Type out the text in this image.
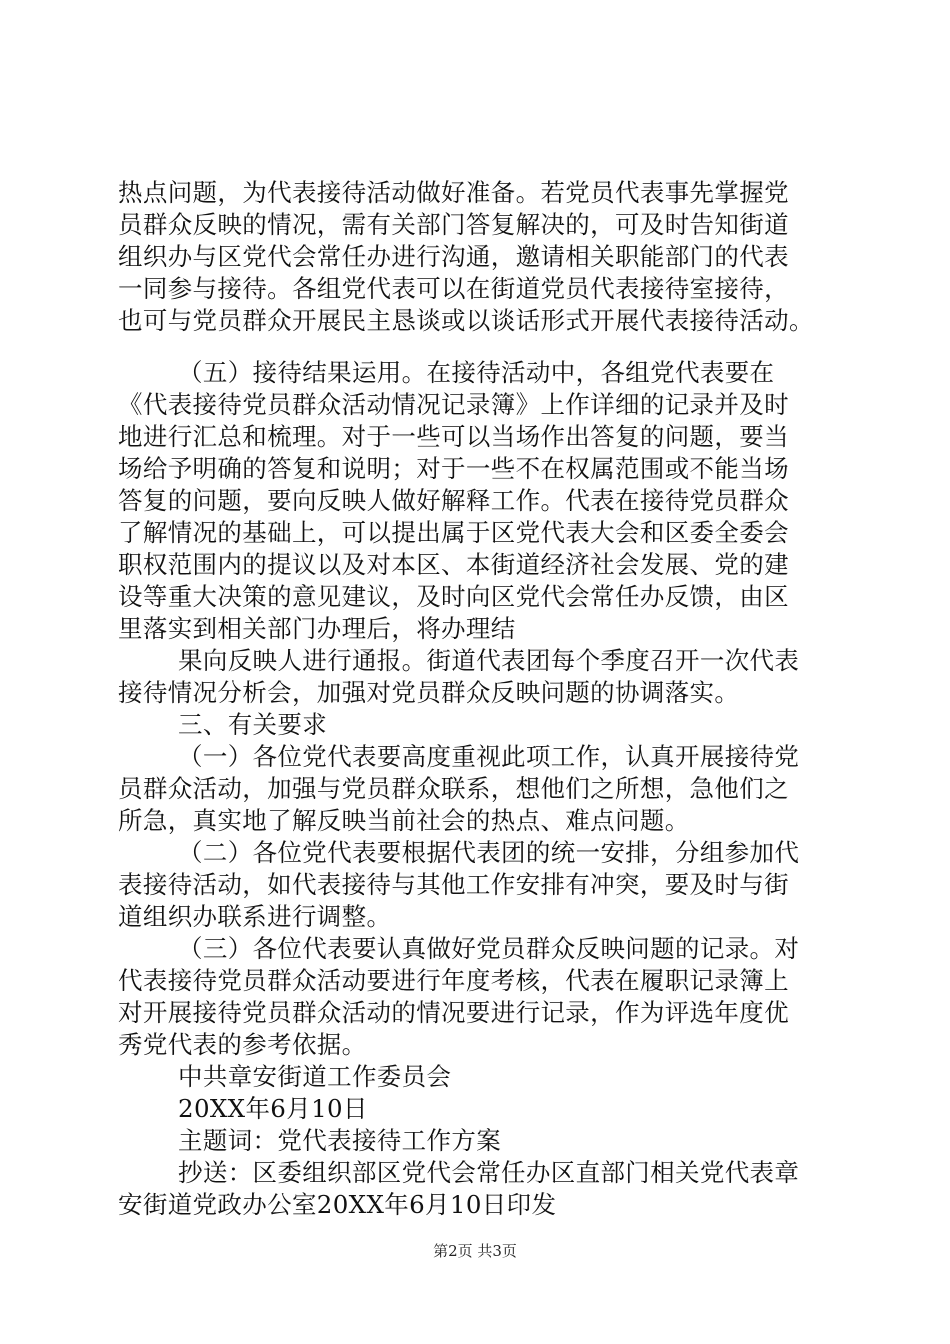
热点问题，为代表接待活动做好准备。若党员代表事先掌握党
员群众反映的情况，需有关部门答复解决的，可及时告知街道
组织办与区党代会常任办进行沟通，邀请相关职能部门的代表
一同参与接待。各组党代表可以在街道党员代表接待室接待，
也可与党员群众开展民主恳谈或以谈话形式开展代表接待活动。
（五）接待结果运用。在接待活动中，各组党代表要在
《代表接待党员群众活动情况记录簿》上作详细的记录并及时
地进行汇总和梳理。对于一些可以当场作出答复的问题，要当
场给予明确的答复和说明；对于一些不在权属范围或不能当场
答复的问题，要向反映人做好解释工作。代表在接待党员群众
了解情况的基础上，可以提出属于区党代表大会和区委全委会
职权范围内的提议以及对本区、本街道经济社会发展、党的建
设等重大决策的意见建议，及时向区党代会常任办反馈，由区
里落实到相关部门办理后，将办理结
果向反映人进行通报。街道代表团每个季度召开一次代表
接待情况分析会，加强对党员群众反映问题的协调落实。
三、有关要求
（一）各位党代表要高度重视此项工作，认真开展接待党
员群众活动，加强与党员群众联系，想他们之所想，急他们之
所急，真实地了解反映当前社会的热点、难点问题。
（二）各位党代表要根据代表团的统一安排，分组参加代
表接待活动，如代表接待与其他工作安排有冲突，要及时与街
道组织办联系进行调整。
（三）各位代表要认真做好党员群众反映问题的记录。对
代表接待党员群众活动要进行年度考核，代表在履职记录簿上
对开展接待党员群众活动的情况要进行记录，作为评选年度优
秀党代表的参考依据。
中共章安街道工作委员会
20XX年6月10日
主题词：党代表接待工作方案
抄送：区委组织部区党代会常任办区直部门相关党代表章
安街道党政办公室20XX年6月10日印发
第2页 共3页
